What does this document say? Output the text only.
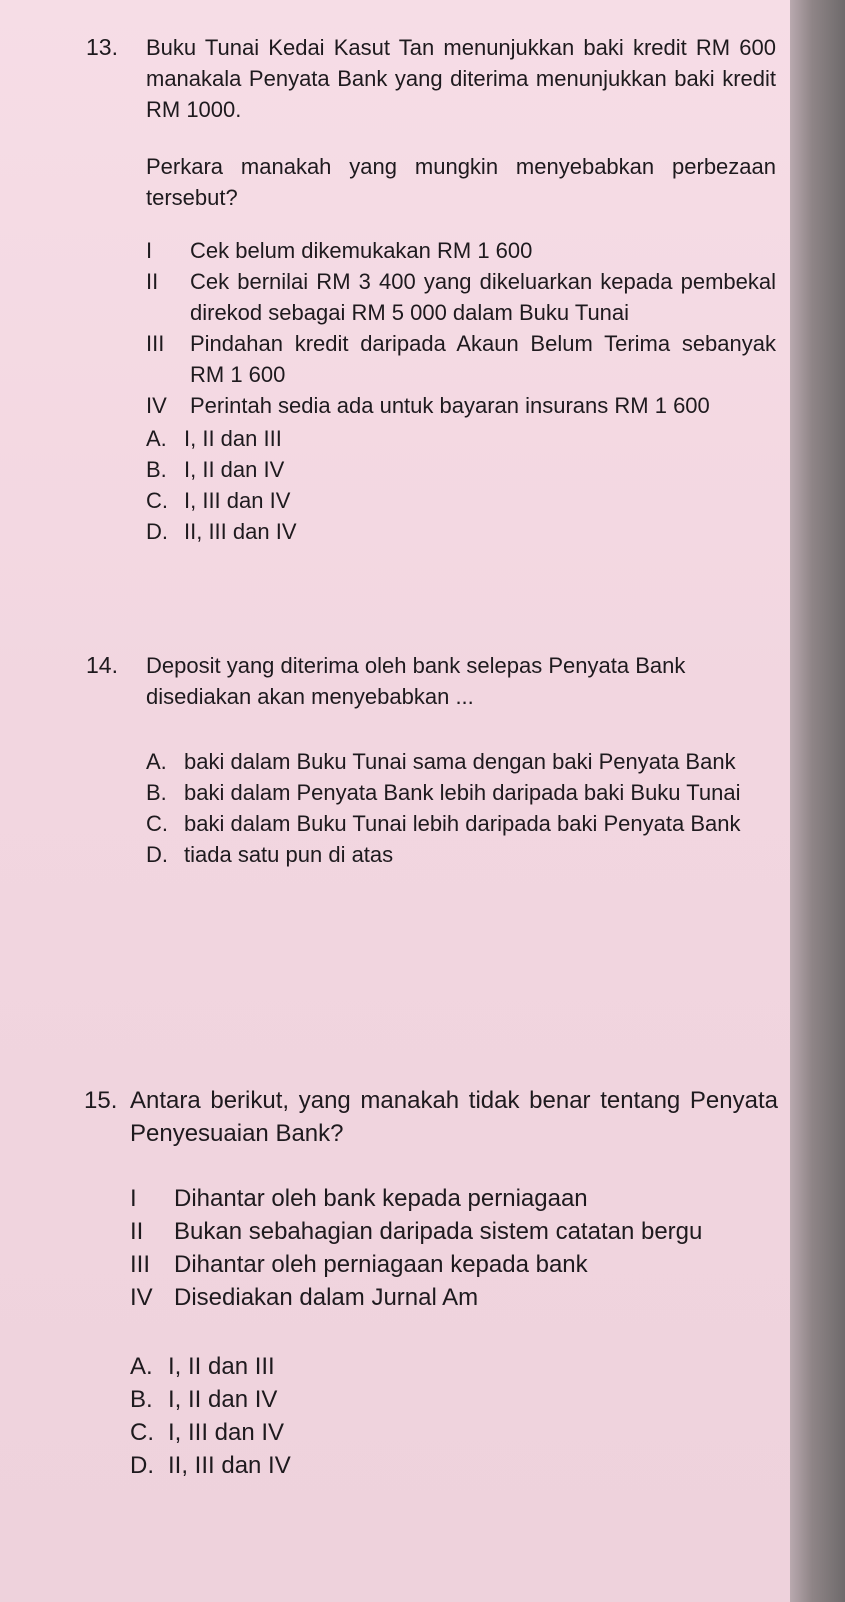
13.	Buku Tunai Kedai Kasut Tan menunjukkan baki kredit RM 600 manakala Penyata Bank yang diterima menunjukkan baki kredit RM 1000.
Perkara manakah yang mungkin menyebabkan perbezaan tersebut?
I	Cek belum dikemukakan RM 1 600
II	Cek bernilai RM 3 400 yang dikeluarkan kepada pembekal direkod sebagai RM 5 000 dalam Buku Tunai
III	Pindahan kredit daripada Akaun Belum Terima sebanyak RM 1 600
IV	Perintah sedia ada untuk bayaran insurans RM 1 600
A. I, II dan III
B. I, II dan IV
C. I, III dan IV
D. II, III dan IV
14.	Deposit yang diterima oleh bank selepas Penyata Bank disediakan akan menyebabkan ...
A. baki dalam Buku Tunai sama dengan baki Penyata Bank
B. baki dalam Penyata Bank lebih daripada baki Buku Tunai
C. baki dalam Buku Tunai lebih daripada baki Penyata Bank
D. tiada satu pun di atas
15. Antara berikut, yang manakah tidak benar tentang Penyata Penyesuaian Bank?
I	Dihantar oleh bank kepada perniagaan
II	Bukan sebahagian daripada sistem catatan bergu
III Dihantar oleh perniagaan kepada bank
IV Disediakan dalam Jurnal Am
A. I, II dan III
B. I, II dan IV
C. I, III dan IV
D. II, III dan IV
